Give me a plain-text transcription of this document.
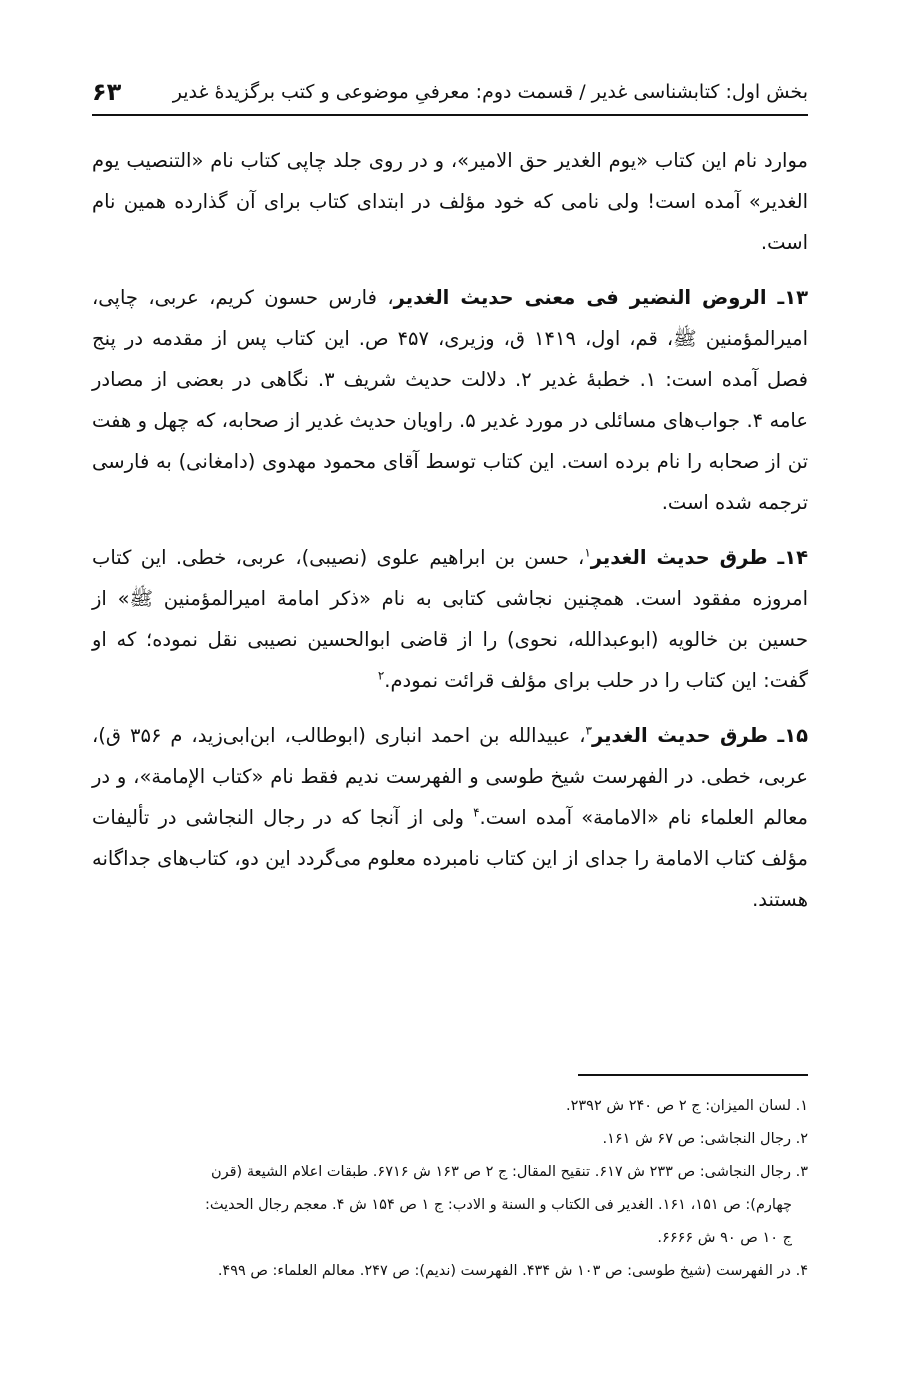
بخش اول: کتابشناسی غدیر / قسمت دوم: معرفیِ موضوعی و کتب برگزیدهٔ غدیر
۶۳

موارد نام این کتاب «یوم الغدیر حق الامیر»، و در روی جلد چاپی کتاب نام «التنصیب یوم الغدیر» آمده است! ولی نامی که خود مؤلف در ابتدای کتاب برای آن گذارده همین نام است.

۱۳ـ الروض النضیر فی معنی حدیث الغدیر، فارس حسون کریم، عربی، چاپی، امیرالمؤمنین ﷺ، قم، اول، ۱۴۱۹ ق، وزیری، ۴۵۷ ص. این کتاب پس از مقدمه در پنج فصل آمده است: ۱. خطبهٔ غدیر ۲. دلالت حدیث شریف ۳. نگاهی در بعضی از مصادر عامه ۴. جواب‌های مسائلی در مورد غدیر ۵. راویان حدیث غدیر از صحابه، که چهل و هفت تن از صحابه را نام برده است. این کتاب توسط آقای محمود مهدوی (دامغانی) به فارسی ترجمه شده است.

۱۴ـ طرق حدیث الغدیر$^۱$، حسن بن ابراهیم علوی (نصیبی)، عربی، خطی. این کتاب امروزه مفقود است. همچنین نجاشی کتابی به نام «ذکر امامة امیرالمؤمنین ﷺ» از حسین بن خالویه (ابوعبدالله، نحوی) را از قاضی ابوالحسین نصیبی نقل نموده؛ که او گفت: این کتاب را در حلب برای مؤلف قرائت نمودم.$^۲$

۱۵ـ طرق حدیث الغدیر$^۳$، عبیدالله بن احمد انباری (ابوطالب، ابن‌ابی‌زید، م ۳۵۶ ق)، عربی، خطی. در الفهرست شیخ طوسی و الفهرست ندیم فقط نام «کتاب الإمامة»، و در معالم العلماء نام «الامامة» آمده است.$^۴$ ولی از آنجا که در رجال النجاشی در تألیفات مؤلف کتاب الامامة را جدای از این کتاب نامبرده معلوم می‌گردد این دو، کتاب‌های جداگانه هستند.

۱. لسان المیزان: ج ۲ ص ۲۴۰ ش ۲۳۹۲.

۲. رجال النجاشی: ص ۶۷ ش ۱۶۱.

۳. رجال النجاشی: ص ۲۳۳ ش ۶۱۷. تنقیح المقال: ج ۲ ص ۱۶۳ ش ۶۷۱۶. طبقات اعلام الشیعة (قرن

چهارم): ص ۱۵۱، ۱۶۱. الغدیر فی الکتاب و السنة و الادب: ج ۱ ص ۱۵۴ ش ۴. معجم رجال الحدیث:

ج ۱۰ ص ۹۰ ش ۶۶۶۶.

۴. در الفهرست (شیخ طوسی: ص ۱۰۳ ش ۴۳۴. الفهرست (ندیم): ص ۲۴۷. معالم العلماء: ص ۴۹۹.
